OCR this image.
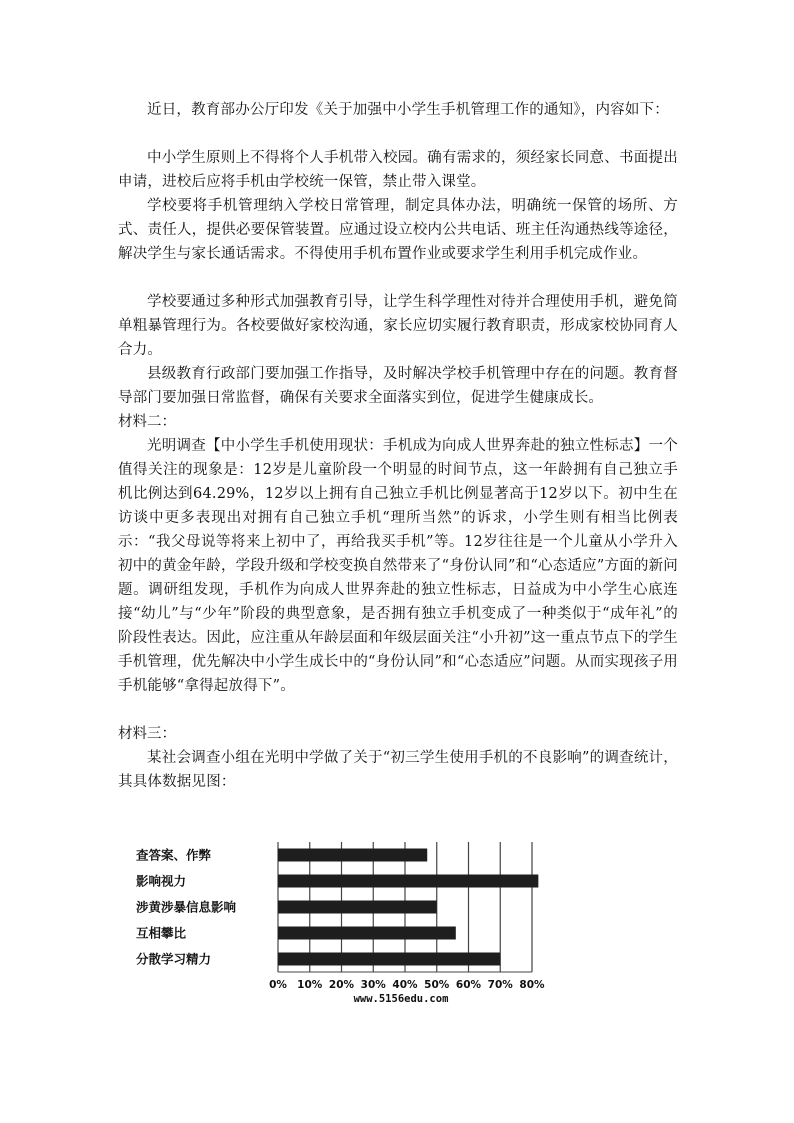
近日，教育部办公厅印发《关于加强中小学生手机管理工作的通知》，内容如下：
中小学生原则上不得将个人手机带入校园。确有需求的，须经家长同意、书面提出申请，进校后应将手机由学校统一保管，禁止带入课堂。
学校要将手机管理纳入学校日常管理，制定具体办法，明确统一保管的场所、方式、责任人，提供必要保管装置。应通过设立校内公共电话、班主任沟通热线等途径，解决学生与家长通话需求。不得使用手机布置作业或要求学生利用手机完成作业。
学校要通过多种形式加强教育引导，让学生科学理性对待并合理使用手机，避免简单粗暴管理行为。各校要做好家校沟通，家长应切实履行教育职责，形成家校协同育人合力。
县级教育行政部门要加强工作指导，及时解决学校手机管理中存在的问题。教育督导部门要加强日常监督，确保有关要求全面落实到位，促进学生健康成长。
材料二：
光明调查【中小学生手机使用现状：手机成为向成人世界奔赴的独立性标志】一个值得关注的现象是：12岁是儿童阶段一个明显的时间节点，这一年龄拥有自己独立手机比例达到64.29%，12岁以上拥有自己独立手机比例显著高于12岁以下。初中生在访谈中更多表现出对拥有自己独立手机“理所当然”的诉求，小学生则有相当比例表示：“我父母说等将来上初中了，再给我买手机”等。12岁往往是一个儿童从小学升入初中的黄金年龄，学段升级和学校变换自然带来了“身份认同”和“心态适应”方面的新问题。调研组发现，手机作为向成人世界奔赴的独立性标志，日益成为中小学生心底连接“幼儿”与“少年”阶段的典型意象，是否拥有独立手机变成了一种类似于“成年礼”的阶段性表达。因此，应注重从年龄层面和年级层面关注“小升初”这一重点节点下的学生手机管理，优先解决中小学生成长中的“身份认同”和“心态适应”问题。从而实现孩子用手机能够“拿得起放得下”。
材料三：
某社会调查小组在光明中学做了关于“初三学生使用手机的不良影响”的调查统计，其具体数据见图：
查答案、作弊
影响视力
涉黄涉暴信息影响
互相攀比
分散学习精力
0% 10% 20% 30% 40% 50% 60% 70% 80%
www.5156edu.com
